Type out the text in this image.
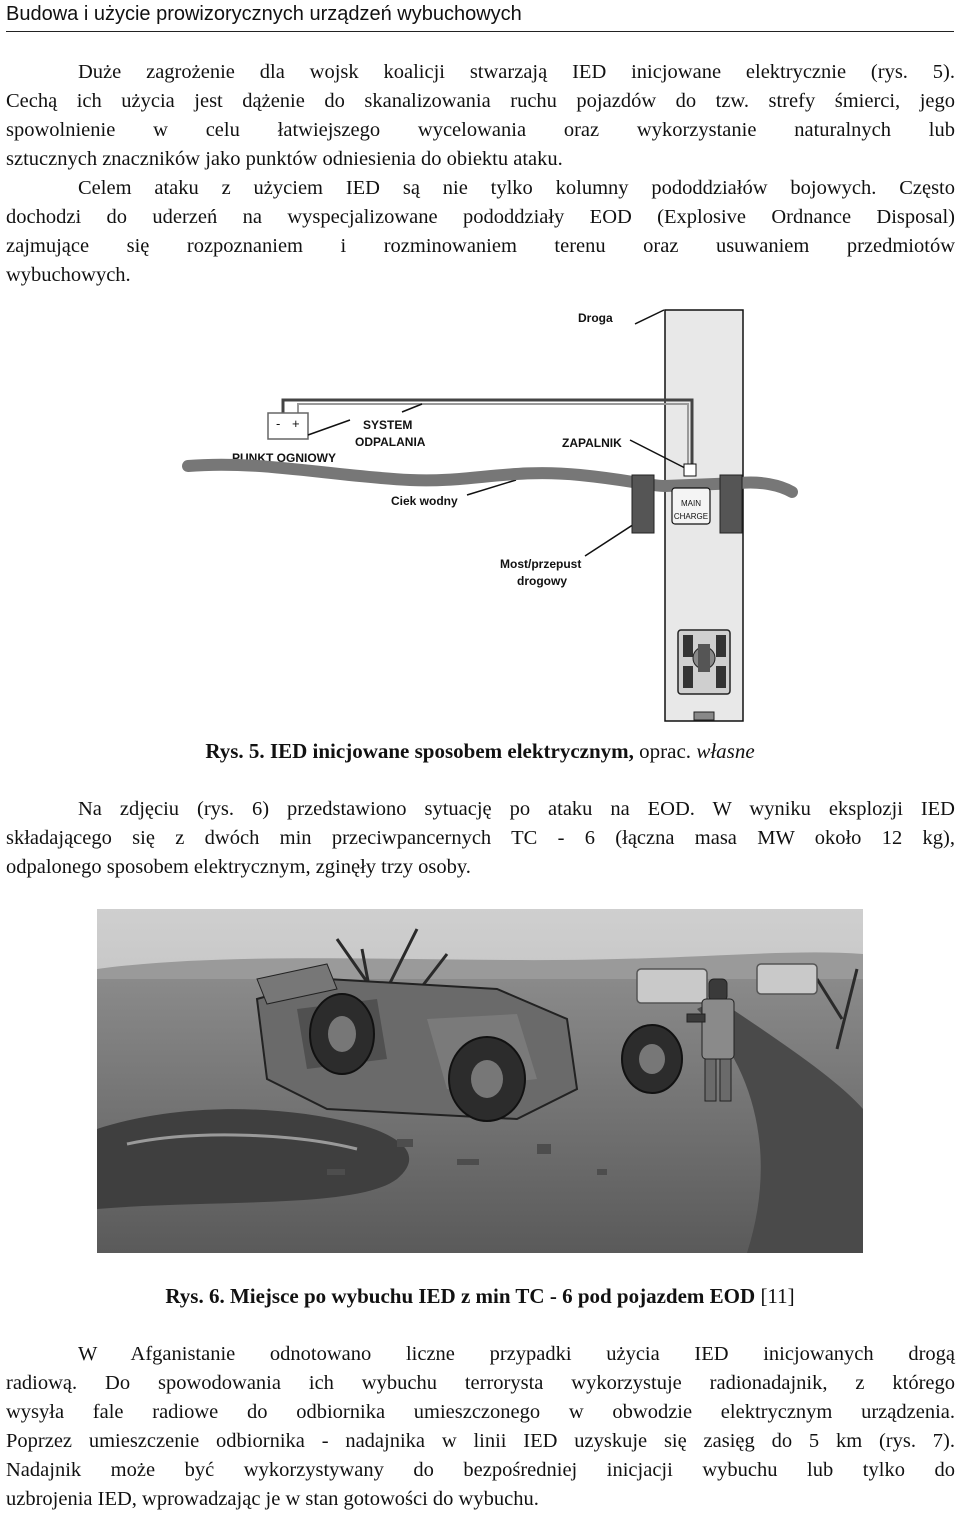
Budowa i użycie prowizorycznych urządzeń wybuchowych
Duże zagrożenie dla wojsk koalicji stwarzają IED inicjowane elektrycznie (rys. 5).
Cechą ich użycia jest dążenie do skanalizowania ruchu pojazdów do tzw. strefy śmierci, jego
spowolnienie w celu łatwiejszego wycelowania oraz wykorzystanie naturalnych lub
sztucznych znaczników jako punktów odniesienia do obiektu ataku.
Celem ataku z użyciem IED są nie tylko kolumny pododdziałów bojowych. Często
dochodzi do uderzeń na wyspecjalizowane pododdziały EOD (Explosive Ordnance Disposal)
zajmujące się rozpoznaniem i rozminowaniem terenu oraz usuwaniem przedmiotów
wybuchowych.
- +
Droga
PUNKT OGNIOWY
SYSTEM
ODPALANIA	ZAPALNIK
Ciek wodny
Most/przepust
drogowy
MAIN
CHARGE

Rys. 5. IED inicjowane sposobem elektrycznym, oprac. własne

Na zdjęciu (rys. 6) przedstawiono sytuację po ataku na EOD. W wyniku eksplozji IED
składającego się z dwóch min przeciwpancernych TC - 6 (łączna masa MW około 12 kg),
odpalonego sposobem elektrycznym, zginęły trzy osoby.

Rys. 6. Miejsce po wybuchu IED z min TC - 6 pod pojazdem EOD [11]

W Afganistanie odnotowano liczne przypadki użycia IED inicjowanych drogą
radiową. Do spowodowania ich wybuchu terrorysta wykorzystuje radionadajnik, z którego
wysyła fale radiowe do odbiornika umieszczonego w obwodzie elektrycznym urządzenia.
Poprzez umieszczenie odbiornika - nadajnika w linii IED uzyskuje się zasięg do 5 km (rys. 7).
Nadajnik może być wykorzystywany do bezpośredniej inicjacji wybuchu lub tylko do
uzbrojenia IED, wprowadzając je w stan gotowości do wybuchu.
